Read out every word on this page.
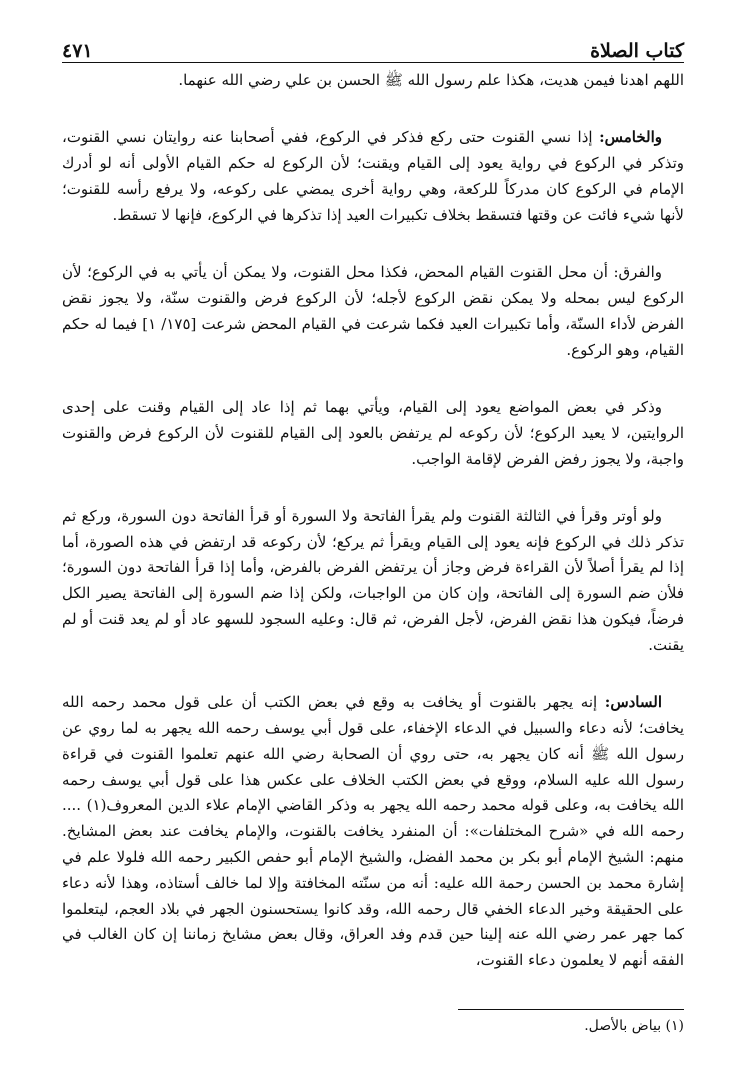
كتاب الصلاة
٤٧١

اللهم اهدنا فيمن هديت، هكذا علم رسول الله ﷺ الحسن بن علي رضي الله عنهما.

والخامس: إذا نسي القنوت حتى ركع فذكر في الركوع، ففي أصحابنا عنه روايتان نسي القنوت، وتذكر في الركوع في رواية يعود إلى القيام ويقنت؛ لأن الركوع له حكم القيام الأولى أنه لو أدرك الإمام في الركوع كان مدركاً للركعة، وهي رواية أخرى يمضي على ركوعه، ولا يرفع رأسه للقنوت؛ لأنها شيء فائت عن وقتها فتسقط بخلاف تكبيرات العيد إذا تذكرها في الركوع، فإنها لا تسقط.

والفرق: أن محل القنوت القيام المحض، فكذا محل القنوت، ولا يمكن أن يأتي به في الركوع؛ لأن الركوع ليس بمحله ولا يمكن نقض الركوع لأجله؛ لأن الركوع فرض والقنوت سنّة، ولا يجوز نقض الفرض لأداء السنّة، وأما تكبيرات العيد فكما شرعت في القيام المحض شرعت [١٧٥/ ١] فيما له حكم القيام، وهو الركوع.

وذكر في بعض المواضع يعود إلى القيام، ويأتي بهما ثم إذا عاد إلى القيام وقنت على إحدى الروايتين، لا يعيد الركوع؛ لأن ركوعه لم يرتفض بالعود إلى القيام للقنوت لأن الركوع فرض والقنوت واجبة، ولا يجوز رفض الفرض لإقامة الواجب.

ولو أوتر وقرأ في الثالثة القنوت ولم يقرأ الفاتحة ولا السورة أو قرأ الفاتحة دون السورة، وركع ثم تذكر ذلك في الركوع فإنه يعود إلى القيام ويقرأ ثم يركع؛ لأن ركوعه قد ارتفض في هذه الصورة، أما إذا لم يقرأ أصلاً لأن القراءة فرض وجاز أن يرتفض الفرض بالفرض، وأما إذا قرأ الفاتحة دون السورة؛ فلأن ضم السورة إلى الفاتحة، وإن كان من الواجبات، ولكن إذا ضم السورة إلى الفاتحة يصير الكل فرضاً، فيكون هذا نقض الفرض، لأجل الفرض، ثم قال: وعليه السجود للسهو عاد أو لم يعد قنت أو لم يقنت.

السادس: إنه يجهر بالقنوت أو يخافت به وقع في بعض الكتب أن على قول محمد رحمه الله يخافت؛ لأنه دعاء والسبيل في الدعاء الإخفاء، على قول أبي يوسف رحمه الله يجهر به لما روي عن رسول الله ﷺ أنه كان يجهر به، حتى روي أن الصحابة رضي الله عنهم تعلموا القنوت في قراءة رسول الله عليه السلام، ووقع في بعض الكتب الخلاف على عكس هذا على قول أبي يوسف رحمه الله يخافت به، وعلى قوله محمد رحمه الله يجهر به وذكر القاضي الإمام علاء الدين المعروف(١) .... رحمه الله في «شرح المختلفات»: أن المنفرد يخافت بالقنوت، والإمام يخافت عند بعض المشايخ. منهم: الشيخ الإمام أبو بكر بن محمد الفضل، والشيخ الإمام أبو حفص الكبير رحمه الله فلولا علم في إشارة محمد بن الحسن رحمة الله عليه: أنه من سنّته المخافتة وإلا لما خالف أستاذه، وهذا لأنه دعاء على الحقيقة وخير الدعاء الخفي قال رحمه الله، وقد كانوا يستحسنون الجهر في بلاد العجم، ليتعلموا كما جهر عمر رضي الله عنه إلينا حين قدم وفد العراق، وقال بعض مشايخ زماننا إن كان الغالب في الفقه أنهم لا يعلمون دعاء القنوت،

(١) بياض بالأصل.
